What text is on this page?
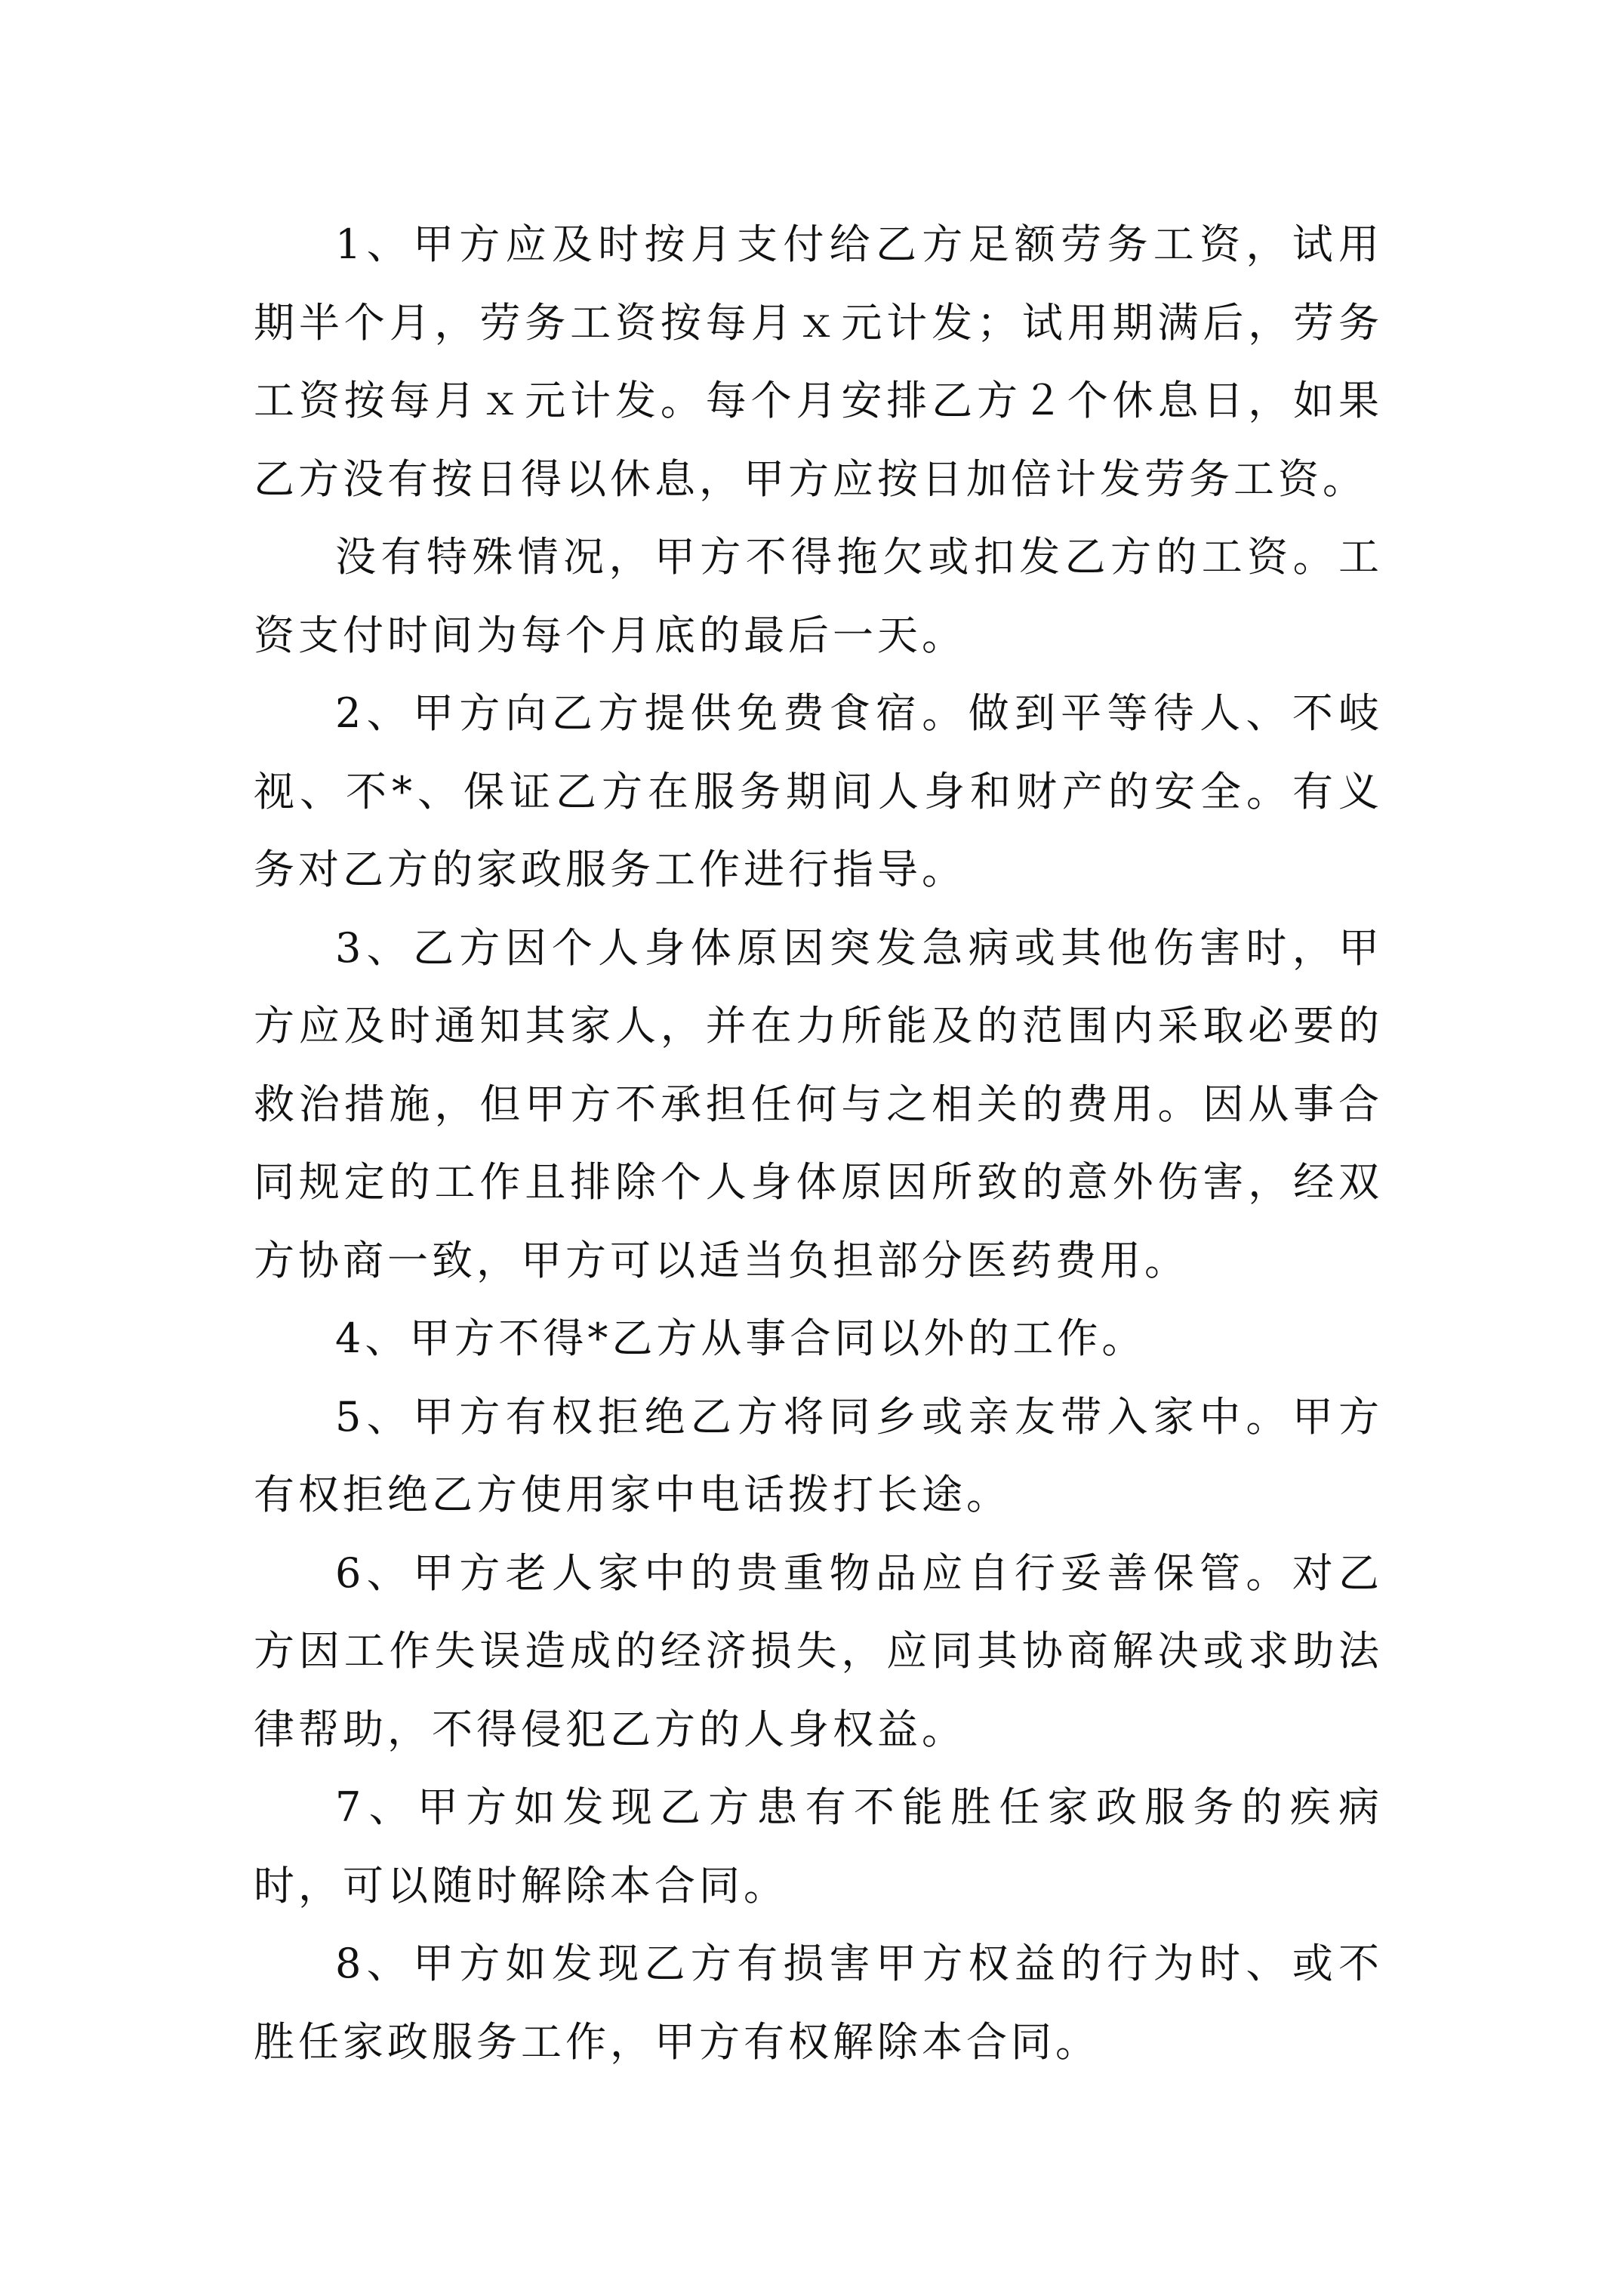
1、甲方应及时按月支付给乙方足额劳务工资，试用期半个月，劳务工资按每月ｘ元计发；试用期满后，劳务工资按每月ｘ元计发。每个月安排乙方２个休息日，如果乙方没有按日得以休息，甲方应按日加倍计发劳务工资。

没有特殊情况，甲方不得拖欠或扣发乙方的工资。工资支付时间为每个月底的最后一天。

2、甲方向乙方提供免费食宿。做到平等待人、不岐视、不*、保证乙方在服务期间人身和财产的安全。有义务对乙方的家政服务工作进行指导。

3、乙方因个人身体原因突发急病或其他伤害时，甲方应及时通知其家人，并在力所能及的范围内采取必要的救治措施，但甲方不承担任何与之相关的费用。因从事合同规定的工作且排除个人身体原因所致的意外伤害，经双方协商一致，甲方可以适当负担部分医药费用。

4、甲方不得*乙方从事合同以外的工作。

5、甲方有权拒绝乙方将同乡或亲友带入家中。甲方有权拒绝乙方使用家中电话拨打长途。

6、甲方老人家中的贵重物品应自行妥善保管。对乙方因工作失误造成的经济损失，应同其协商解决或求助法律帮助，不得侵犯乙方的人身权益。

7、甲方如发现乙方患有不能胜任家政服务的疾病时，可以随时解除本合同。

8、甲方如发现乙方有损害甲方权益的行为时、或不胜任家政服务工作，甲方有权解除本合同。
